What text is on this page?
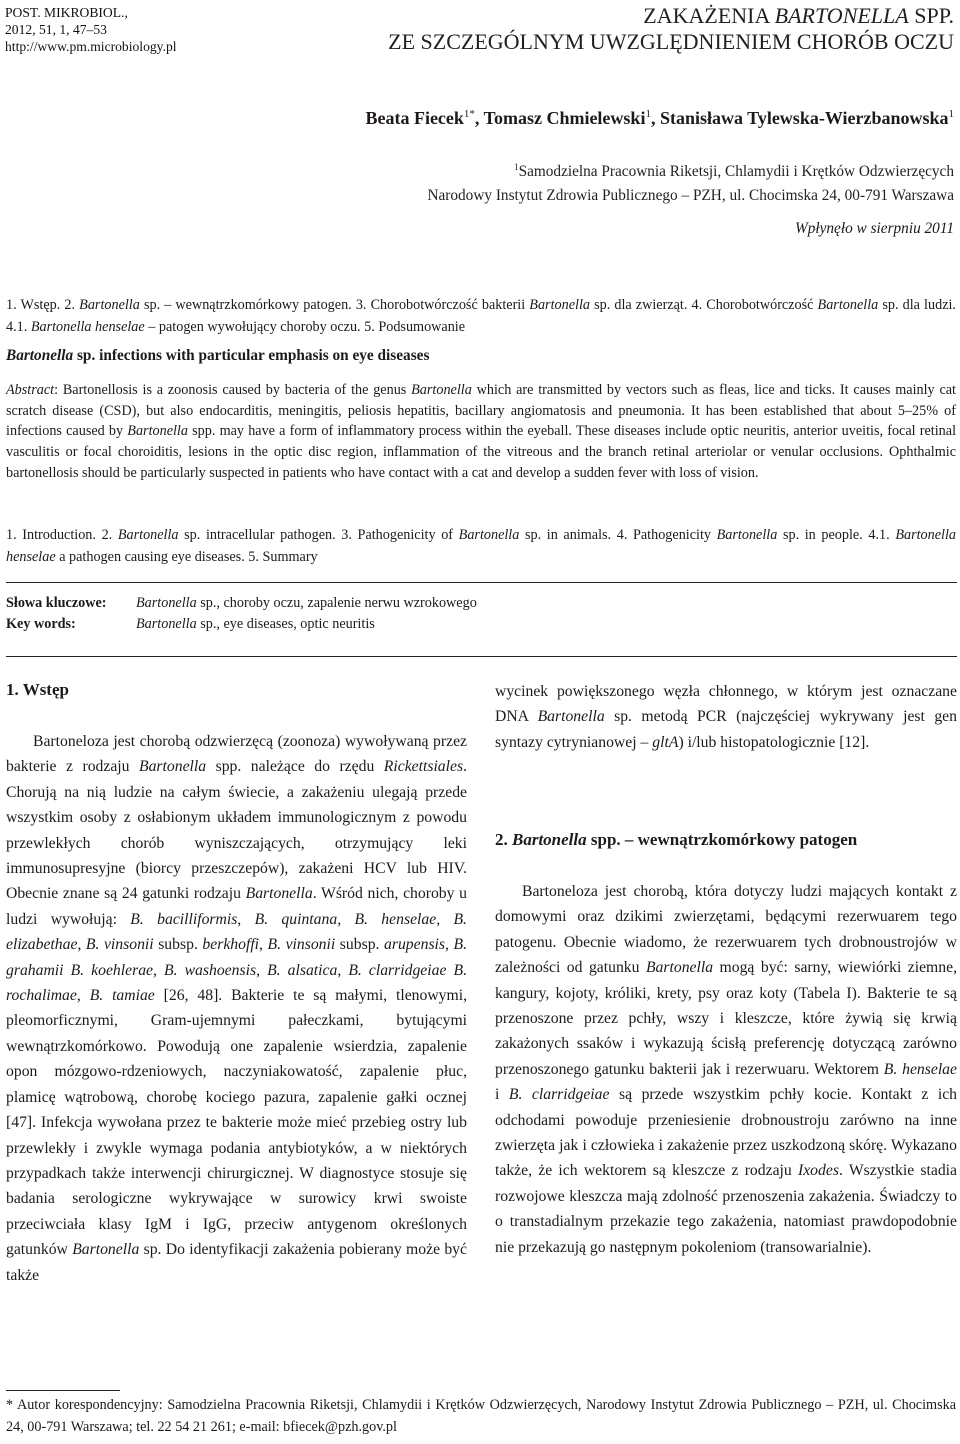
POST. MIKROBIOL.,
2012, 51, 1, 47–53
http://www.pm.microbiology.pl
ZAKAŻENIA BARTONELLA SPP.
ZE SZCZEGÓLNYM UWZGLĘDNIENIEM CHORÓB OCZU
Beata Fiecek$^{1*}$, Tomasz Chmielewski$^1$, Stanisława Tylewska-Wierzbanowska$^1$
$^1$Samodzielna Pracownia Riketsji, Chlamydii i Krętków Odzwierzęcych
Narodowy Instytut Zdrowia Publicznego – PZH, ul. Chocimska 24, 00-791 Warszawa
Wpłynęło w sierpniu 2011
1. Wstęp. 2. Bartonella sp. – wewnątrzkomórkowy patogen. 3. Chorobotwórczość bakterii Bartonella sp. dla zwierząt. 4. Chorobotwórczość Bartonella sp. dla ludzi. 4.1. Bartonella henselae – patogen wywołujący choroby oczu. 5. Podsumowanie
Bartonella sp. infections with particular emphasis on eye diseases
Abstract: Bartonellosis is a zoonosis caused by bacteria of the genus Bartonella which are transmitted by vectors such as fleas, lice and ticks. It causes mainly cat scratch disease (CSD), but also endocarditis, meningitis, peliosis hepatitis, bacillary angiomatosis and pneumonia. It has been established that about 5–25% of infections caused by Bartonella spp. may have a form of inflammatory process within the eyeball. These diseases include optic neuritis, anterior uveitis, focal retinal vasculitis or focal choroiditis, lesions in the optic disc region, inflammation of the vitreous and the branch retinal arteriolar or venular occlusions. Ophthalmic bartonellosis should be particularly suspected in patients who have contact with a cat and develop a sudden fever with loss of vision.
1. Introduction. 2. Bartonella sp. intracellular pathogen. 3. Pathogenicity of Bartonella sp. in animals. 4. Pathogenicity Bartonella sp. in people. 4.1. Bartonella henselae a pathogen causing eye diseases. 5. Summary
Słowa kluczowe: Bartonella sp., choroby oczu, zapalenie nerwu wzrokowego
Key words:	Bartonella sp., eye diseases, optic neuritis
1. Wstęp

Bartoneloza jest chorobą odzwierzęcą (zoonoza) wywoływaną przez bakterie z rodzaju Bartonella spp. należące do rzędu Rickettsiales. Chorują na nią ludzie na całym świecie, a zakażeniu ulegają przede wszystkim osoby z osłabionym układem immunologicznym z powodu przewlekłych chorób wyniszczających, otrzymujący leki immunosupresyjne (biorcy przeszczepów), zakażeni HCV lub HIV. Obecnie znane są 24 gatunki rodzaju Bartonella. Wśród nich, choroby u ludzi wywołują: B. bacilliformis, B. quintana, B. henselae, B. elizabethae, B. vinsonii subsp. berkhoffi, B. vinsonii subsp. arupensis, B. grahamii B. koehlerae, B. washoensis, B. alsatica, B. clarridgeiae B. rochalimae, B. tamiae [26, 48]. Bakterie te są małymi, tlenowymi, pleomorficznymi, Gram-ujemnymi pałeczkami, bytującymi wewnątrzkomórkowo. Powodują one zapalenie wsierdzia, zapalenie opon mózgowo-rdzeniowych, naczyniakowatość, zapalenie płuc, plamicę wątrobową, chorobę kociego pazura, zapalenie gałki ocznej [47]. Infekcja wywołana przez te bakterie może mieć przebieg ostry lub przewlekły i zwykle wymaga podania antybiotyków, a w niektórych przypadkach także interwencji chirurgicznej. W diagnostyce stosuje się badania serologiczne wykrywające w surowicy krwi swoiste przeciwciała klasy IgM i IgG, przeciw antygenom określonych gatunków Bartonella sp. Do identyfikacji zakażenia pobierany może być także

wycinek powiększonego węzła chłonnego, w którym jest oznaczane DNA Bartonella sp. metodą PCR (najczęściej wykrywany jest gen syntazy cytrynianowej – gltA) i/lub histopatologicznie [12].

2. Bartonella spp. – wewnątrzkomórkowy patogen

Bartoneloza jest chorobą, która dotyczy ludzi mających kontakt z domowymi oraz dzikimi zwierzętami, będącymi rezerwuarem tego patogenu. Obecnie wiadomo, że rezerwuarem tych drobnoustrojów w zależności od gatunku Bartonella mogą być: sarny, wiewiórki ziemne, kangury, kojoty, króliki, krety, psy oraz koty (Tabela I). Bakterie te są przenoszone przez pchły, wszy i kleszcze, które żywią się krwią zakażonych ssaków i wykazują ścisłą preferencję dotyczącą zarówno przenoszonego gatunku bakterii jak i rezerwuaru. Wektorem B. henselae i B. clarridgeiae są przede wszystkim pchły kocie. Kontakt z ich odchodami powoduje przeniesienie drobnoustroju zarówno na inne zwierzęta jak i człowieka i zakażenie przez uszkodzoną skórę. Wykazano także, że ich wektorem są kleszcze z rodzaju Ixodes. Wszystkie stadia rozwojowe kleszcza mają zdolność przenoszenia zakażenia. Świadczy to o transtadialnym przekazie tego zakażenia, natomiast prawdopodobnie nie przekazują go następnym pokoleniom (transowarialnie).

* Autor korespondencyjny: Samodzielna Pracownia Riketsji, Chlamydii i Krętków Odzwierzęcych, Narodowy Instytut Zdrowia Publicznego – PZH, ul. Chocimska 24, 00-791 Warszawa; tel. 22 54 21 261; e-mail: bfiecek@pzh.gov.pl
